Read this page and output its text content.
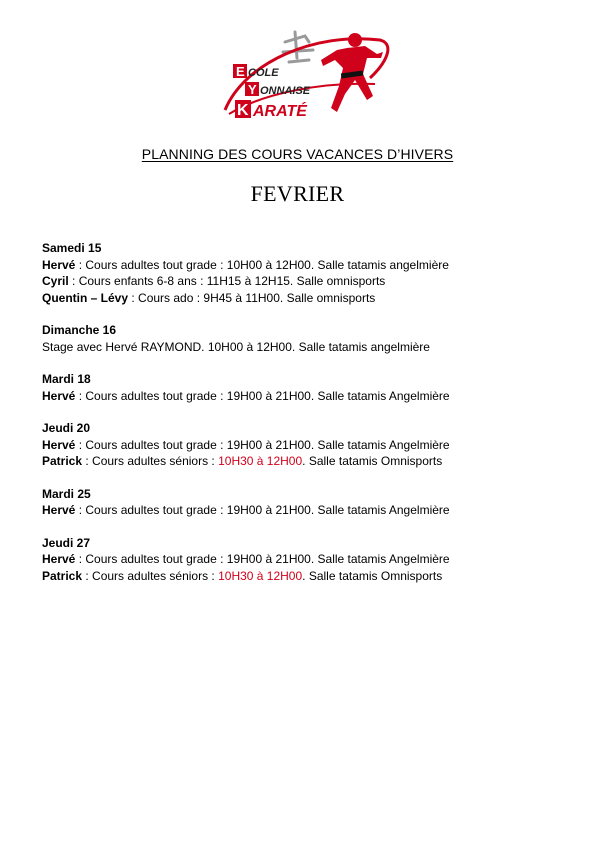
E COLE
Y ONNAISE
K ARATÉ
PLANNING DES COURS VACANCES D’HIVERS
FEVRIER
Samedi 15
Hervé : Cours adultes tout grade : 10H00 à 12H00. Salle tatamis angelmière
Cyril : Cours enfants 6-8 ans : 11H15 à 12H15. Salle omnisports
Quentin – Lévy : Cours ado : 9H45 à 11H00. Salle omnisports
Dimanche 16
Stage avec Hervé RAYMOND. 10H00 à 12H00. Salle tatamis angelmière
Mardi 18
Hervé : Cours adultes tout grade : 19H00 à 21H00. Salle tatamis Angelmière
Jeudi 20
Hervé : Cours adultes tout grade : 19H00 à 21H00. Salle tatamis Angelmière
Patrick : Cours adultes séniors : 10H30 à 12H00. Salle tatamis Omnisports
Mardi 25
Hervé : Cours adultes tout grade : 19H00 à 21H00. Salle tatamis Angelmière
Jeudi 27
Hervé : Cours adultes tout grade : 19H00 à 21H00. Salle tatamis Angelmière
Patrick : Cours adultes séniors : 10H30 à 12H00. Salle tatamis Omnisports
